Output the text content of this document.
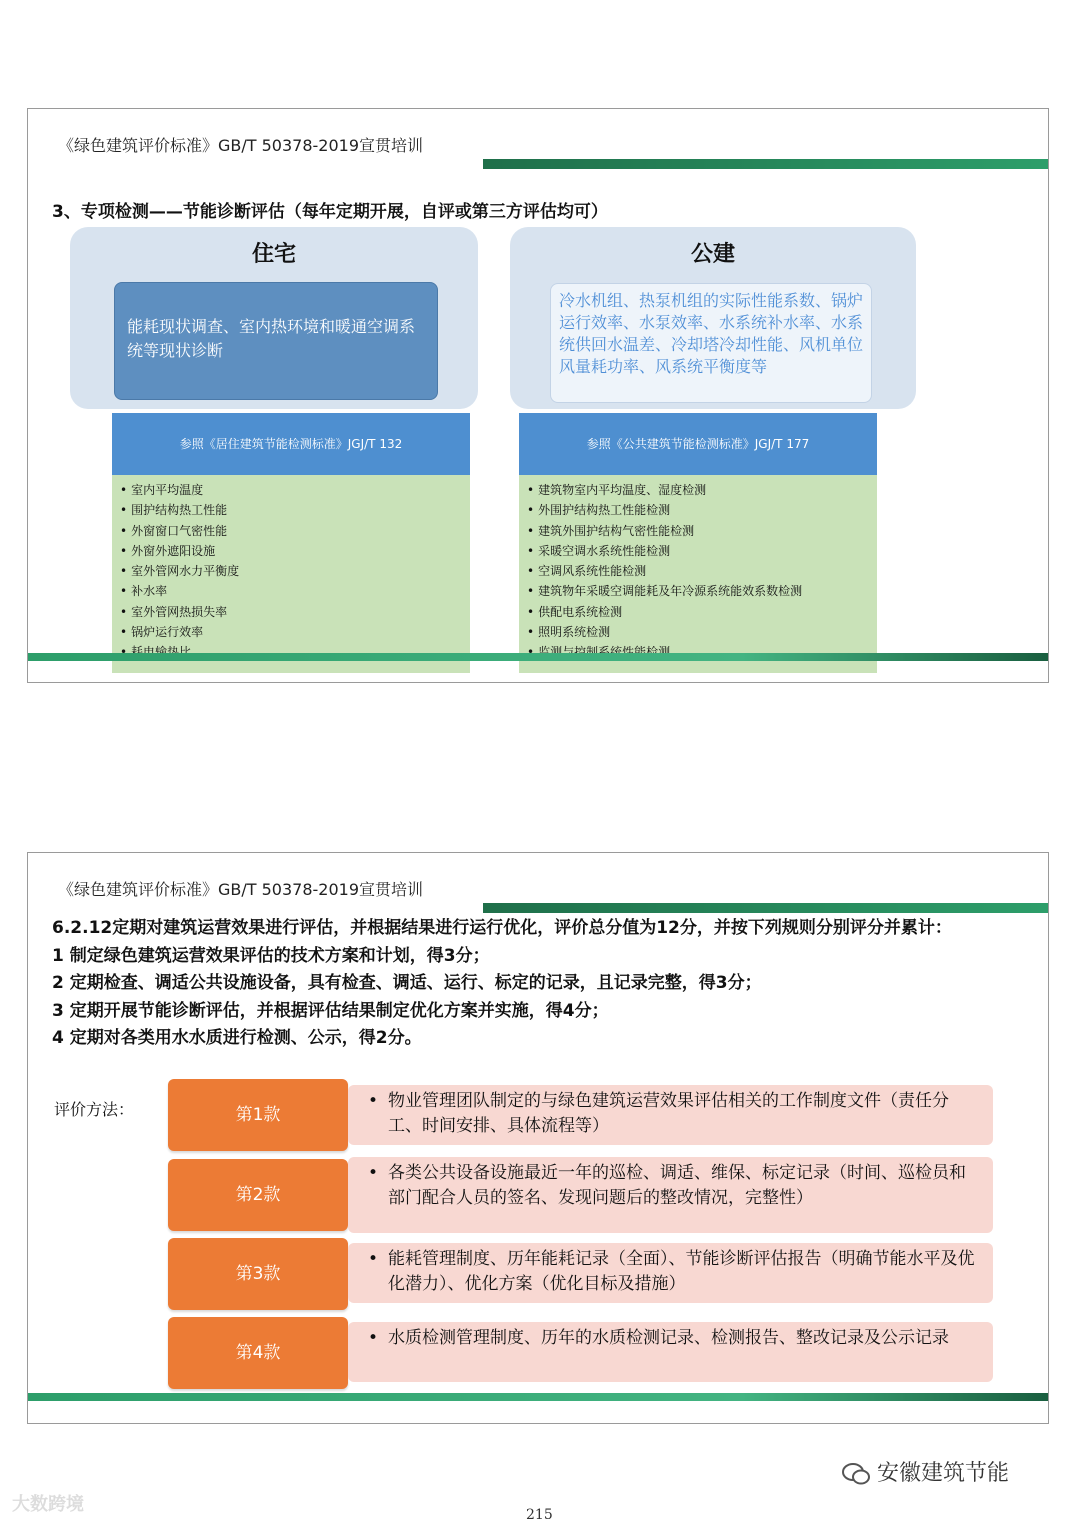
《绿色建筑评价标准》GB/T 50378-2019宣贯培训
3、专项检测——节能诊断评估（每年定期开展，自评或第三方评估均可）
住宅
能耗现状调查、室内热环境和暖通空调系统等现状诊断
公建
冷水机组、热泵机组的实际性能系数、锅炉运行效率、水泵效率、水系统补水率、水系统供回水温差、冷却塔冷却性能、风机单位风量耗功率、风系统平衡度等
参照《居住建筑节能检测标准》JGJ/T 132	参照《公共建筑节能检测标准》JGJ/T 177
• 室内平均温度
• 围护结构热工性能
• 外窗窗口气密性能
• 外窗外遮阳设施
• 室外管网水力平衡度
• 补水率
• 室外管网热损失率
• 锅炉运行效率
•
• 建筑物室内平均温度、湿度检测
• 外围护结构热工性能检测
• 建筑外围护结构气密性能检测
• 采暖空调水系统性能检测
• 空调风系统性能检测
• 建筑物年采暖空调能耗及年冷源系统能效系数检测
• 供配电系统检测
• 照明系统检测
•
《绿色建筑评价标准》GB/T 50378-2019宣贯培训
6.2.12定期对建筑运营效果进行评估，并根据结果进行运行优化，评价总分值为12分，并按下列规则分别评分并累计：
1 制定绿色建筑运营效果评估的技术方案和计划，得3分；
2 定期检查、调适公共设施设备，具有检查、调适、运行、标定的记录，且记录完整，得3分；
3 定期开展节能诊断评估，并根据评估结果制定优化方案并实施，得4分；
4 定期对各类用水水质进行检测、公示，得2分。
评价方法：	第1款
• 物业管理团队制定的与绿色建筑运营效果评估相关的工作制度文件（责任分工、时间安排、具体流程等）
第2款
• 各类公共设备设施最近一年的巡检、调适、维保、标定记录（时间、巡检员和部门配合人员的签名、发现问题后的整改情况，完整性）
第3款
• 能耗管理制度、历年能耗记录（全面）、节能诊断评估报告（明确节能水平及优化潜力）、优化方案（优化目标及措施）
第4款
• 水质检测管理制度、历年的水质检测记录、检测报告、整改记录及公示记录
安徽建筑节能
大数跨境	215
